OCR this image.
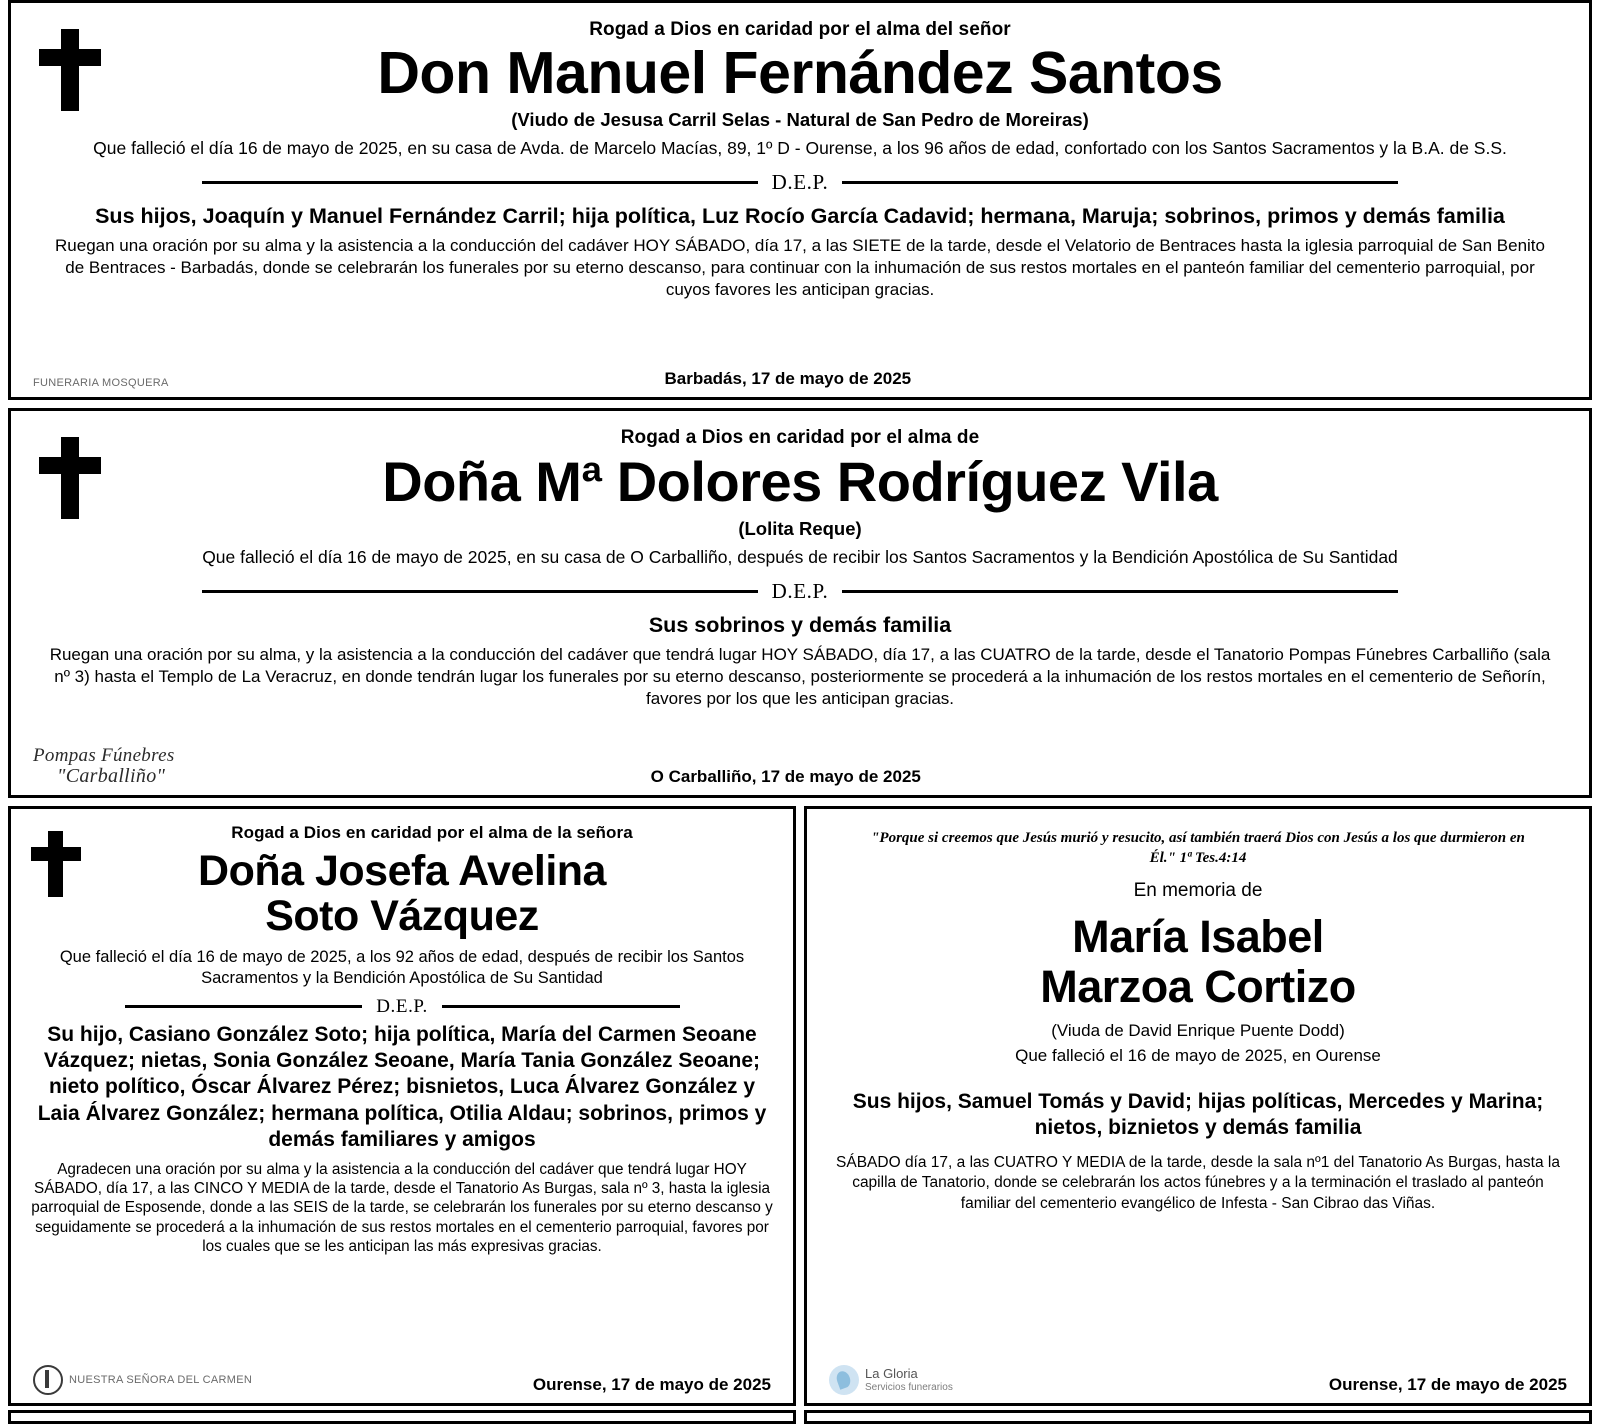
Rogad a Dios en caridad por el alma del señor
Don Manuel Fernández Santos
(Viudo de Jesusa Carril Selas - Natural de San Pedro de Moreiras)
Que falleció el día 16 de mayo de 2025, en su casa de Avda. de Marcelo Macías, 89, 1º D - Ourense, a los 96 años de edad, confortado con los Santos Sacramentos y la B.A. de S.S.
D.E.P.
Sus hijos, Joaquín y Manuel Fernández Carril; hija política, Luz Rocío García Cadavid; hermana, Maruja; sobrinos, primos y demás familia
Ruegan una oración por su alma y la asistencia a la conducción del cadáver HOY SÁBADO, día 17, a las SIETE de la tarde, desde el Velatorio de Bentraces hasta la iglesia parroquial de San Benito de Bentraces - Barbadás, donde se celebrarán los funerales por su eterno descanso, para continuar con la inhumación de sus restos mortales en el panteón familiar del cementerio parroquial, por cuyos favores les anticipan gracias.
FUNERARIA MOSQUERA	Barbadás, 17 de mayo de 2025
Rogad a Dios en caridad por el alma de
Doña Mª Dolores Rodríguez Vila
(Lolita Reque)
Que falleció el día 16 de mayo de 2025, en su casa de O Carballiño, después de recibir los Santos Sacramentos y la Bendición Apostólica de Su Santidad
D.E.P.
Sus sobrinos y demás familia
Ruegan una oración por su alma, y la asistencia a la conducción del cadáver que tendrá lugar HOY SÁBADO, día 17, a las CUATRO de la tarde, desde el Tanatorio Pompas Fúnebres Carballiño (sala nº 3) hasta el Templo de La Veracruz, en donde tendrán lugar los funerales por su eterno descanso, posteriormente se procederá a la inhumación de los restos mortales en el cementerio de Señorín, favores por los que les anticipan gracias.
Pompas Fúnebres
"Carballiño"	O Carballiño, 17 de mayo de 2025
Rogad a Dios en caridad por el alma de la señora
Doña Josefa Avelina
Soto Vázquez
Que falleció el día 16 de mayo de 2025, a los 92 años de edad, después de recibir los Santos Sacramentos y la Bendición Apostólica de Su Santidad
D.E.P.
Su hijo, Casiano González Soto; hija política, María del Carmen Seoane Vázquez; nietas, Sonia González Seoane, María Tania González Seoane; nieto político, Óscar Álvarez Pérez; bisnietos, Luca Álvarez González y Laia Álvarez González; hermana política, Otilia Aldau; sobrinos, primos y demás familiares y amigos
Agradecen una oración por su alma y la asistencia a la conducción del cadáver que tendrá lugar HOY SÁBADO, día 17, a las CINCO Y MEDIA de la tarde, desde el Tanatorio As Burgas, sala nº 3, hasta la iglesia parroquial de Esposende, donde a las SEIS de la tarde, se celebrarán los funerales por su eterno descanso y seguidamente se procederá a la inhumación de sus restos mortales en el cementerio parroquial, favores por los cuales que se les anticipan las más expresivas gracias.
NUESTRA SEÑORA DEL CARMEN	Ourense, 17 de mayo de 2025
"Porque si creemos que Jesús murió y resucito, así también traerá Dios con Jesús a los que durmieron en Él." 1ª Tes.4:14
En memoria de
María Isabel
Marzoa Cortizo
(Viuda de David Enrique Puente Dodd)
Que falleció el 16 de mayo de 2025, en Ourense
Sus hijos, Samuel Tomás y David; hijas políticas, Mercedes y Marina; nietos, biznietos y demás familia
SÁBADO día 17, a las CUATRO Y MEDIA de la tarde, desde la sala nº1 del Tanatorio As Burgas, hasta la capilla de Tanatorio, donde se celebrarán los actos fúnebres y a la terminación el traslado al panteón familiar del cementerio evangélico de Infesta - San Cibrao das Viñas.
La Gloria
Servicios funerarios	Ourense, 17 de mayo de 2025
